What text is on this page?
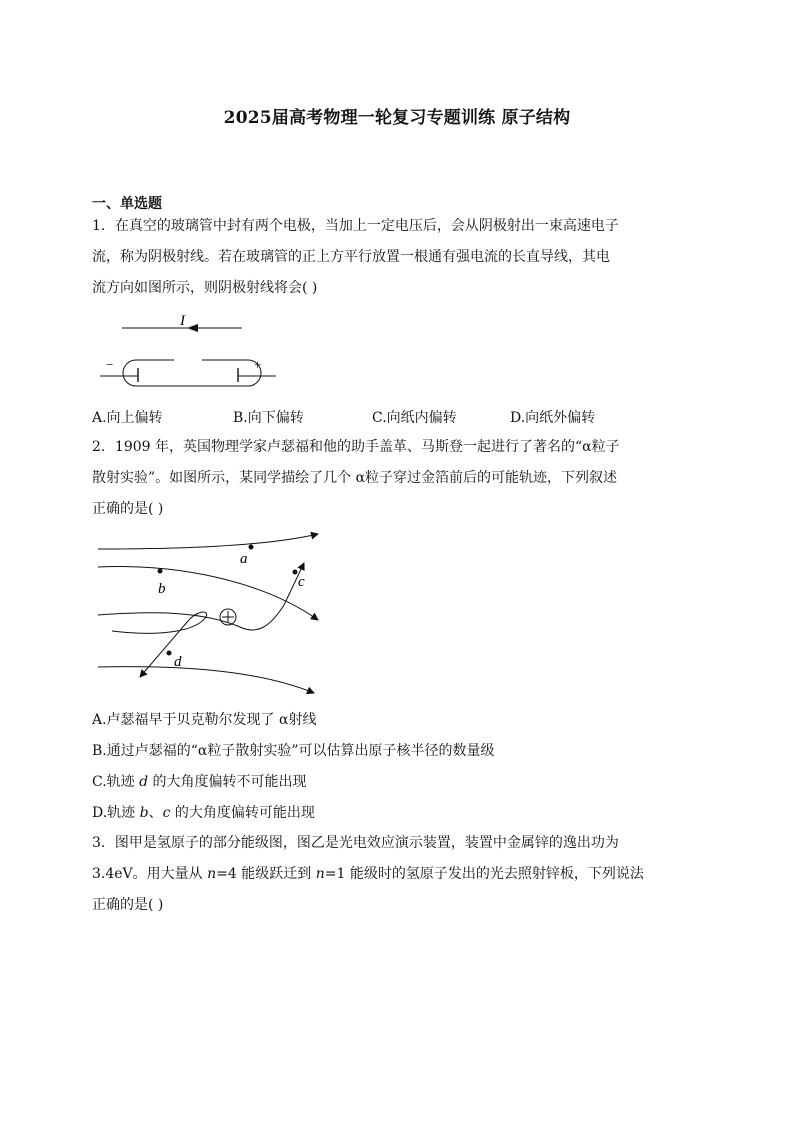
2025届高考物理一轮复习专题训练 原子结构
一、单选题
1．在真空的玻璃管中封有两个电极，当加上一定电压后，会从阴极射出一束高速电子
流，称为阴极射线。若在玻璃管的正上方平行放置一根通有强电流的长直导线，其电
流方向如图所示，则阴极射线将会( )
I
−	+
A.向上偏转	B.向下偏转	C.向纸内偏转	D.向纸外偏转
2．1909 年，英国物理学家卢瑟福和他的助手盖革、马斯登一起进行了著名的“α粒子
散射实验”。如图所示，某同学描绘了几个 α粒子穿过金箔前后的可能轨迹，下列叙述
正确的是( )
a
b	c
d
A.卢瑟福早于贝克勒尔发现了 α射线
B.通过卢瑟福的“α粒子散射实验”可以估算出原子核半径的数量级
C.轨迹 d 的大角度偏转不可能出现
D.轨迹 b、c 的大角度偏转可能出现
3．图甲是氢原子的部分能级图，图乙是光电效应演示装置，装置中金属锌的逸出功为
3.4eV。用大量从 n=4 能级跃迁到 n=1 能级时的氢原子发出的光去照射锌板，下列说法
正确的是( )
